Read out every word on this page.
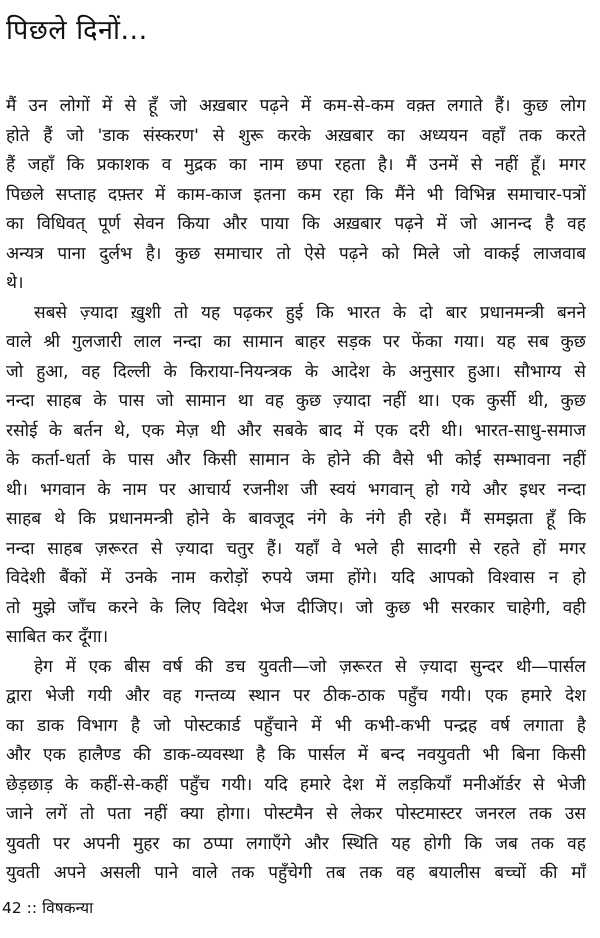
पिछले दिनों...
मैं उन लोगों में से हूँ जो अख़बार पढ़ने में कम-से-कम वक़्त लगाते हैं। कुछ लोग
होते हैं जो 'डाक संस्करण' से शुरू करके अख़बार का अध्ययन वहाँ तक करते
हैं जहाँ कि प्रकाशक व मुद्रक का नाम छपा रहता है। मैं उनमें से नहीं हूँ। मगर
पिछले सप्ताह दफ़्तर में काम-काज इतना कम रहा कि मैंने भी विभिन्न समाचार-पत्रों
का विधिवत् पूर्ण सेवन किया और पाया कि अख़बार पढ़ने में जो आनन्द है वह
अन्यत्र पाना दुर्लभ है। कुछ समाचार तो ऐसे पढ़ने को मिले जो वाकई लाजवाब
थे।
सबसे ज़्यादा ख़ुशी तो यह पढ़कर हुई कि भारत के दो बार प्रधानमन्त्री बनने
वाले श्री गुलजारी लाल नन्दा का सामान बाहर सड़क पर फेंका गया। यह सब कुछ
जो हुआ, वह दिल्ली के किराया-नियन्त्रक के आदेश के अनुसार हुआ। सौभाग्य से
नन्दा साहब के पास जो सामान था वह कुछ ज़्यादा नहीं था। एक कुर्सी थी, कुछ
रसोई के बर्तन थे, एक मेज़ थी और सबके बाद में एक दरी थी। भारत-साधु-समाज
के कर्ता-धर्ता के पास और किसी सामान के होने की वैसे भी कोई सम्भावना नहीं
थी। भगवान के नाम पर आचार्य रजनीश जी स्वयं भगवान् हो गये और इधर नन्दा
साहब थे कि प्रधानमन्त्री होने के बावजूद नंगे के नंगे ही रहे। मैं समझता हूँ कि
नन्दा साहब ज़रूरत से ज़्यादा चतुर हैं। यहाँ वे भले ही सादगी से रहते हों मगर
विदेशी बैंकों में उनके नाम करोड़ों रुपये जमा होंगे। यदि आपको विश्वास न हो
तो मुझे जाँच करने के लिए विदेश भेज दीजिए। जो कुछ भी सरकार चाहेगी, वही
साबित कर दूँगा।
हेग में एक बीस वर्ष की डच युवती—जो ज़रूरत से ज़्यादा सुन्दर थी—पार्सल
द्वारा भेजी गयी और वह गन्तव्य स्थान पर ठीक-ठाक पहुँच गयी। एक हमारे देश
का डाक विभाग है जो पोस्टकार्ड पहुँचाने में भी कभी-कभी पन्द्रह वर्ष लगाता है
और एक हालैण्ड की डाक-व्यवस्था है कि पार्सल में बन्द नवयुवती भी बिना किसी
छेड़छाड़ के कहीं-से-कहीं पहुँच गयी। यदि हमारे देश में लड़कियाँ मनीऑर्डर से भेजी
जाने लगें तो पता नहीं क्या होगा। पोस्टमैन से लेकर पोस्टमास्टर जनरल तक उस
युवती पर अपनी मुहर का ठप्पा लगाएँगे और स्थिति यह होगी कि जब तक वह
युवती अपने असली पाने वाले तक पहुँचेगी तब तक वह बयालीस बच्चों की माँ
42 :: विषकन्या
